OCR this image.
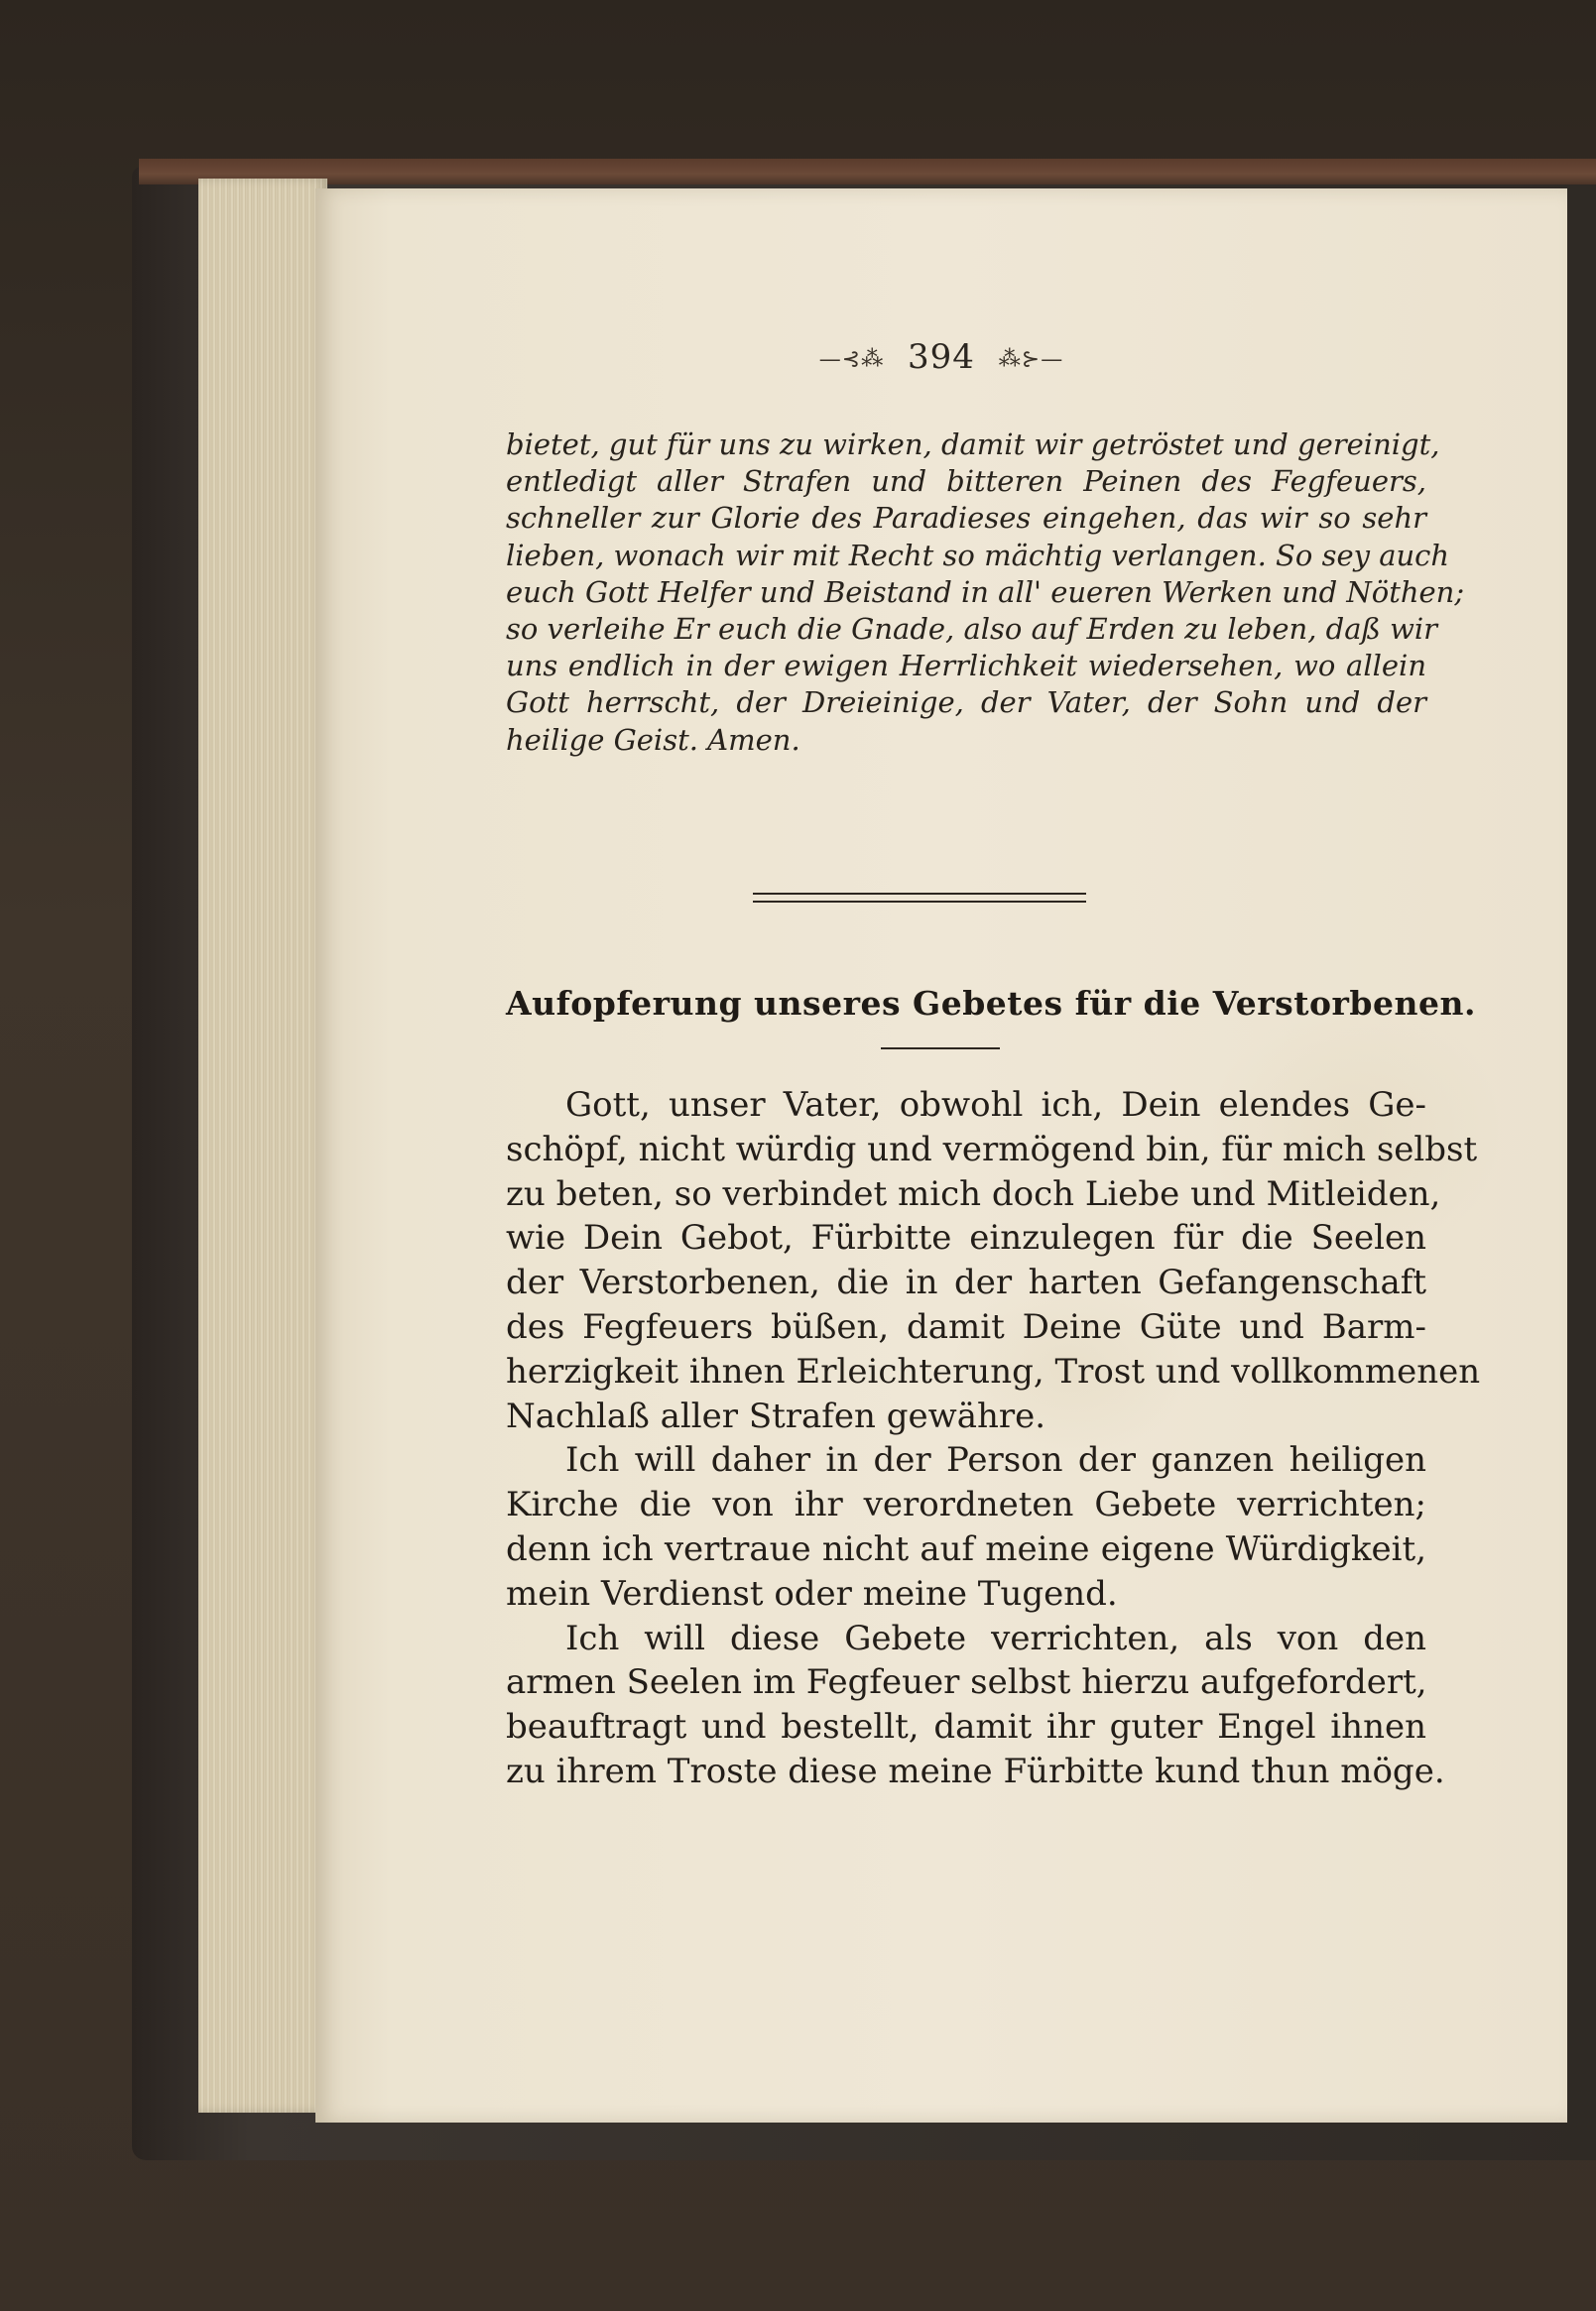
—⊰⁂ 394 ⁂⊱—
bietet, gut für uns zu wirken, damit wir getröstet und gereinigt,
entledigt aller Strafen und bitteren Peinen des Fegfeuers,
schneller zur Glorie des Paradieses eingehen, das wir so sehr
lieben, wonach wir mit Recht so mächtig verlangen. So sey auch
euch Gott Helfer und Beistand in all' eueren Werken und Nöthen;
so verleihe Er euch die Gnade, also auf Erden zu leben, daß wir
uns endlich in der ewigen Herrlichkeit wiedersehen, wo allein
Gott herrscht, der Dreieinige, der Vater, der Sohn und der
heilige Geist. Amen.
Aufopferung unseres Gebetes für die Verstorbenen.
Gott, unser Vater, obwohl ich, Dein elendes Ge-
schöpf, nicht würdig und vermögend bin, für mich selbst
zu beten, so verbindet mich doch Liebe und Mitleiden,
wie Dein Gebot, Fürbitte einzulegen für die Seelen
der Verstorbenen, die in der harten Gefangenschaft
des Fegfeuers büßen, damit Deine Güte und Barm-
herzigkeit ihnen Erleichterung, Trost und vollkommenen
Nachlaß aller Strafen gewähre.
Ich will daher in der Person der ganzen heiligen
Kirche die von ihr verordneten Gebete verrichten;
denn ich vertraue nicht auf meine eigene Würdigkeit,
mein Verdienst oder meine Tugend.
Ich will diese Gebete verrichten, als von den
armen Seelen im Fegfeuer selbst hierzu aufgefordert,
beauftragt und bestellt, damit ihr guter Engel ihnen
zu ihrem Troste diese meine Fürbitte kund thun möge.
